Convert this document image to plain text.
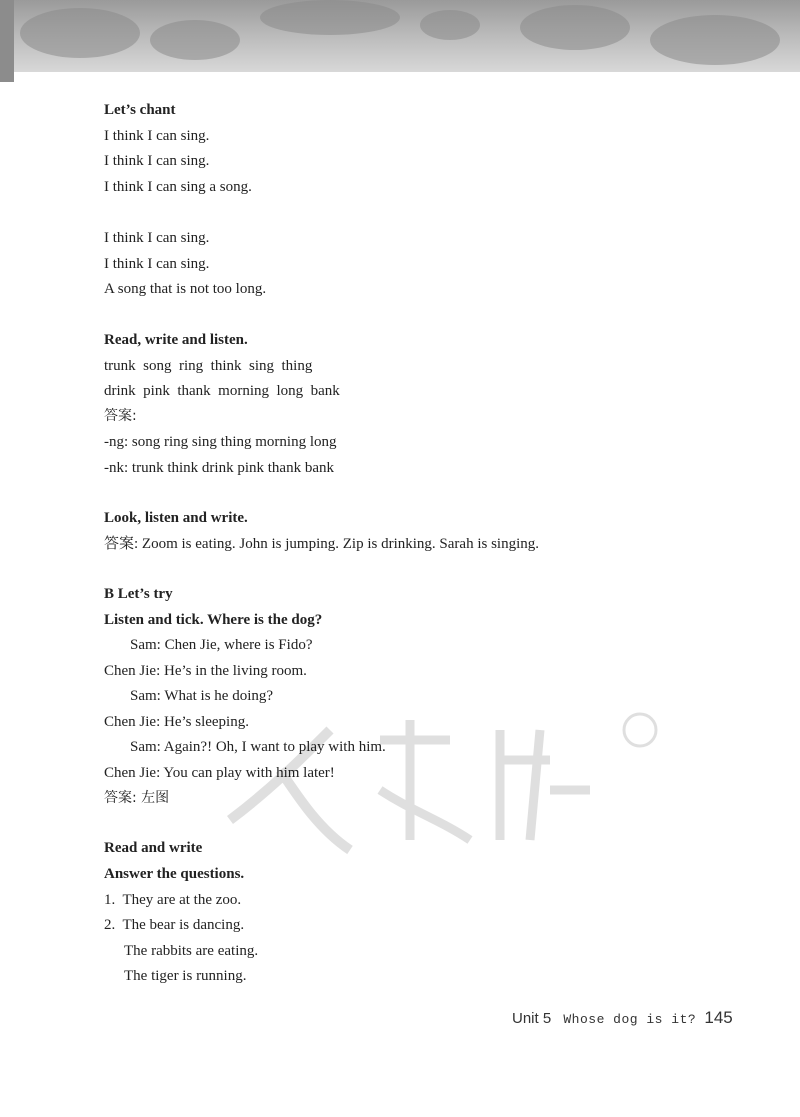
Let’s chant
I think I can sing.
I think I can sing.
I think I can sing a song.
I think I can sing.
I think I can sing.
A song that is not too long.
Read, write and listen.
trunk  song  ring  think  sing  thing
drink  pink  thank  morning  long  bank
答案:
-ng: song ring sing thing morning long
-nk: trunk think drink pink thank bank
Look, listen and write.
答案: Zoom is eating. John is jumping. Zip is drinking. Sarah is singing.
B Let’s try
Listen and tick. Where is the dog?
Sam: Chen Jie, where is Fido?
Chen Jie: He’s in the living room.
Sam: What is he doing?
Chen Jie: He’s sleeping.
Sam: Again?! Oh, I want to play with him.
Chen Jie: You can play with him later!
答案: 左图
Read and write
Answer the questions.
1.  They are at the zoo.
2.  The bear is dancing.
The rabbits are eating.
The tiger is running.
Unit 5 Whose dog is it? 145
